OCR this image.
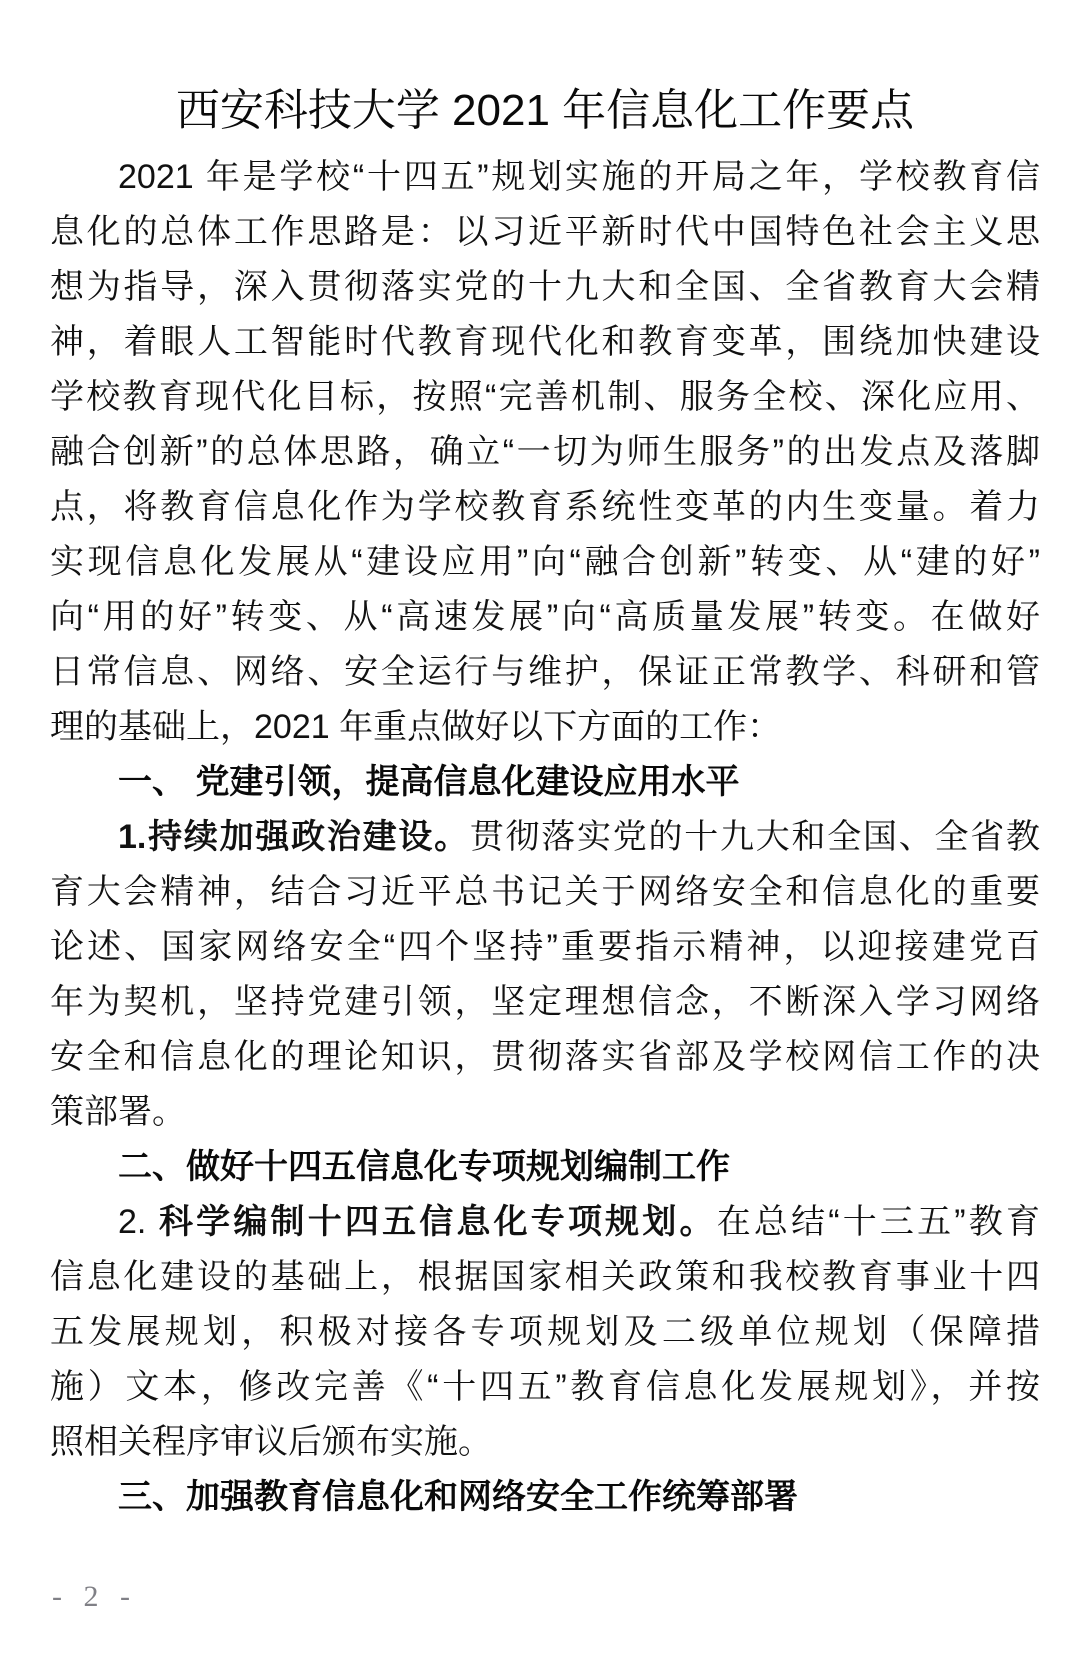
西安科技大学 2021 年信息化工作要点
2021 年是学校“十四五”规划实施的开局之年，学校教育信
息化的总体工作思路是：以习近平新时代中国特色社会主义思
想为指导，深入贯彻落实党的十九大和全国、全省教育大会精
神，着眼人工智能时代教育现代化和教育变革，围绕加快建设
学校教育现代化目标，按照“完善机制、服务全校、深化应用、
融合创新”的总体思路，确立“一切为师生服务”的出发点及落脚
点，将教育信息化作为学校教育系统性变革的内生变量。着力
实现信息化发展从“建设应用”向“融合创新”转变、从“建的好”
向“用的好”转变、从“高速发展”向“高质量发展”转变。在做好
日常信息、网络、安全运行与维护，保证正常教学、科研和管
理的基础上，2021 年重点做好以下方面的工作：
一、 党建引领，提高信息化建设应用水平
1.持续加强政治建设。贯彻落实党的十九大和全国、全省教
育大会精神，结合习近平总书记关于网络安全和信息化的重要
论述、国家网络安全“四个坚持”重要指示精神，以迎接建党百
年为契机，坚持党建引领，坚定理想信念，不断深入学习网络
安全和信息化的理论知识，贯彻落实省部及学校网信工作的决
策部署。
二、做好十四五信息化专项规划编制工作
2. 科学编制十四五信息化专项规划。在总结“十三五”教育
信息化建设的基础上，根据国家相关政策和我校教育事业十四
五发展规划，积极对接各专项规划及二级单位规划（保障措
施）文本，修改完善《“十四五”教育信息化发展规划》，并按
照相关程序审议后颁布实施。
三、加强教育信息化和网络安全工作统筹部署
- 2 -
